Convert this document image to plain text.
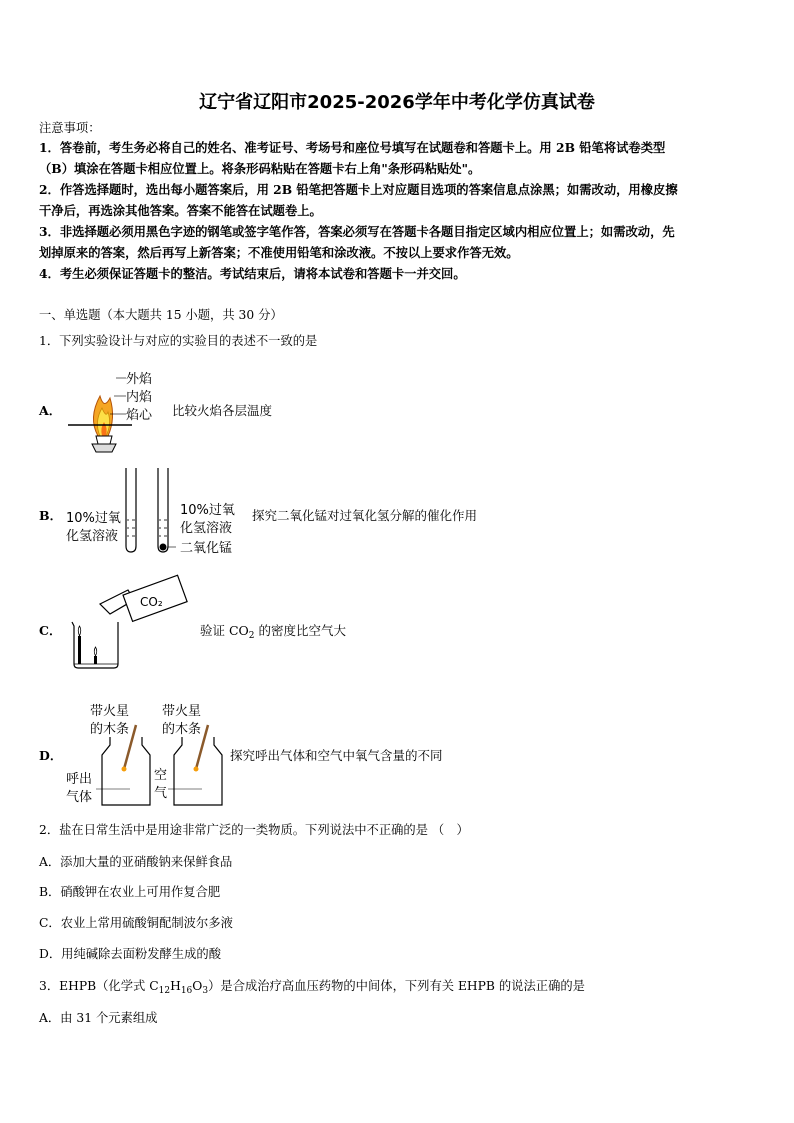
辽宁省辽阳市2025-2026学年中考化学仿真试卷
注意事项：
1．答卷前，考生务必将自己的姓名、准考证号、考场号和座位号填写在试题卷和答题卡上。用 2B 铅笔将试卷类型
（B）填涂在答题卡相应位置上。将条形码粘贴在答题卡右上角"条形码粘贴处"。
2．作答选择题时，选出每小题答案后，用 2B 铅笔把答题卡上对应题目选项的答案信息点涂黑；如需改动，用橡皮擦
干净后，再选涂其他答案。答案不能答在试题卷上。
3．非选择题必须用黑色字迹的钢笔或签字笔作答，答案必须写在答题卡各题目指定区域内相应位置上；如需改动，先
划掉原来的答案，然后再写上新答案；不准使用铅笔和涂改液。不按以上要求作答无效。
4．考生必须保证答题卡的整洁。考试结束后，请将本试卷和答题卡一并交回。
一、单选题（本大题共 15 小题，共 30 分）
1．下列实验设计与对应的实验目的表述不一致的是
A．
外焰
内焰
焰心 比较火焰各层温度
B． 10%过氧
化氢溶液
10%过氧
化氢溶液
二氧化锰
探究二氧化锰对过氧化氢分解的催化作用
C．
CO₂
验证 $CO_2$ 的密度比空气大
D．
带火星
的木条
带火星
的木条
呼出
气体
空
气
探究呼出气体和空气中氧气含量的不同
2．盐在日常生活中是用途非常广泛的一类物质。下列说法中不正确的是 （　）
A．添加大量的亚硝酸钠来保鲜食品
B．硝酸钾在农业上可用作复合肥
C．农业上常用硫酸铜配制波尔多液
D．用纯碱除去面粉发酵生成的酸
3．EHPB（化学式 $C_{12}H_{16}O_3$）是合成治疗高血压药物的中间体，下列有关 EHPB 的说法正确的是
A．由 31 个元素组成
